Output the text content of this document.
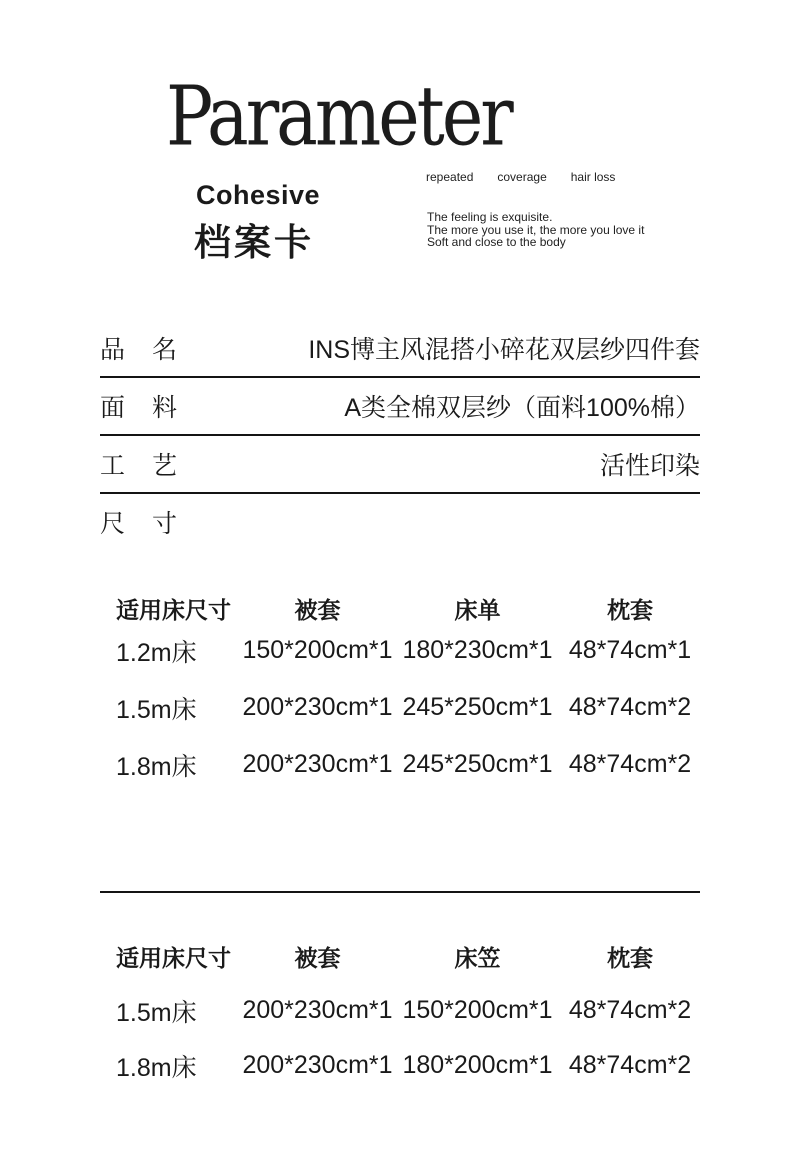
Parameter
Cohesive
档案卡
repeated coverage hair loss
The feeling is exquisite.
The more you use it, the more you love it
Soft and close to the body
品　名	INS博主风混搭小碎花双层纱四件套
面　料	A类全棉双层纱（面料100%棉）
工　艺	活性印染
尺　寸
适用床尺寸	被套	床单	枕套
1.2m床	150*200cm*1 180*230cm*1 48*74cm*1
1.5m床	200*230cm*1 245*250cm*1 48*74cm*2
1.8m床	200*230cm*1 245*250cm*1 48*74cm*2
适用床尺寸	被套	床笠	枕套
1.5m床	200*230cm*1 150*200cm*1 48*74cm*2
1.8m床	200*230cm*1 180*200cm*1 48*74cm*2
